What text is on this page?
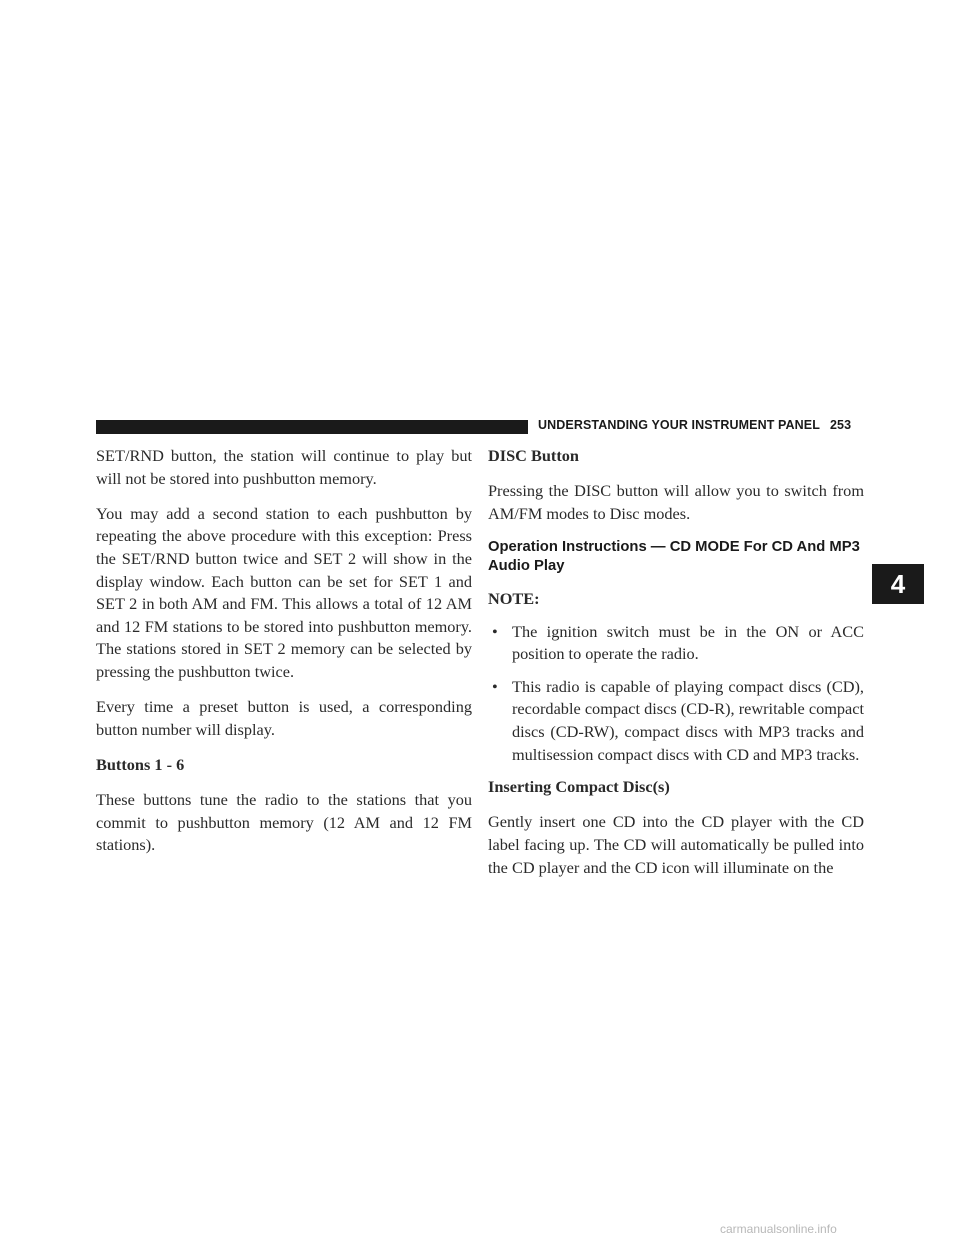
UNDERSTANDING YOUR INSTRUMENT PANEL 253

SET/RND button, the station will continue to play but will not be stored into pushbutton memory.

You may add a second station to each pushbutton by repeating the above procedure with this exception: Press the SET/RND button twice and SET 2 will show in the display window. Each button can be set for SET 1 and SET 2 in both AM and FM. This allows a total of 12 AM and 12 FM stations to be stored into pushbutton memory. The stations stored in SET 2 memory can be selected by pressing the pushbutton twice.

Every time a preset button is used, a corresponding button number will display.

Buttons 1 - 6

These buttons tune the radio to the stations that you commit to pushbutton memory (12 AM and 12 FM stations).

DISC Button

Pressing the DISC button will allow you to switch from AM/FM modes to Disc modes.

Operation Instructions — CD MODE For CD And MP3 Audio Play
NOTE:
• The ignition switch must be in the ON or ACC position to operate the radio.
• This radio is capable of playing compact discs (CD), recordable compact discs (CD-R), rewritable compact discs (CD-RW), compact discs with MP3 tracks and multisession compact discs with CD and MP3 tracks.
Inserting Compact Disc(s)

Gently insert one CD into the CD player with the CD label facing up. The CD will automatically be pulled into the CD player and the CD icon will illuminate on the

4
carmanualsonline.info
